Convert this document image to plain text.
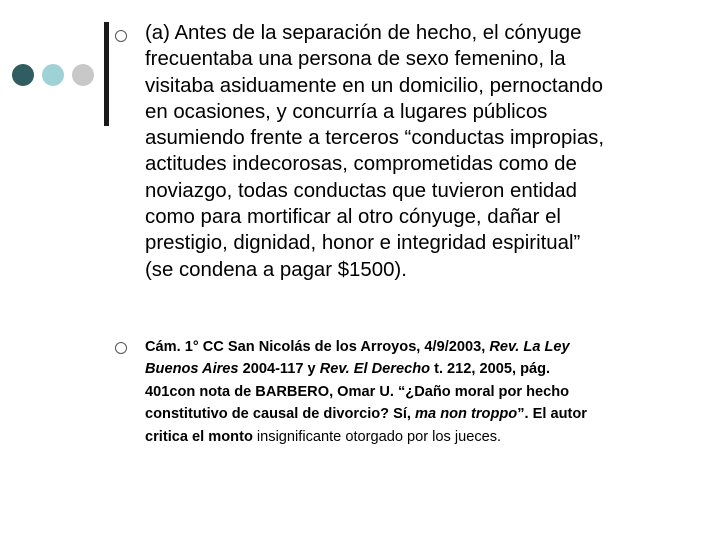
(a) Antes de la separación de hecho, el cónyuge
frecuentaba una persona de sexo femenino, la
visitaba asiduamente en un domicilio, pernoctando
en ocasiones, y concurría a lugares públicos
asumiendo frente a terceros “conductas impropias,
actitudes indecorosas, comprometidas como de
noviazgo, todas conductas que tuvieron entidad
como para mortificar al otro cónyuge, dañar el
prestigio, dignidad, honor e integridad espiritual”
(se condena a pagar $1500).
Cám. 1° CC San Nicolás de los Arroyos, 4/9/2003, Rev. La Ley
Buenos Aires 2004-117 y Rev. El Derecho t. 212, 2005, pág.
401con nota de BARBERO, Omar U. “¿Daño moral por hecho
constitutivo de causal de divorcio? Sí, ma non troppo”. El autor
critica el monto insignificante otorgado por los jueces.
